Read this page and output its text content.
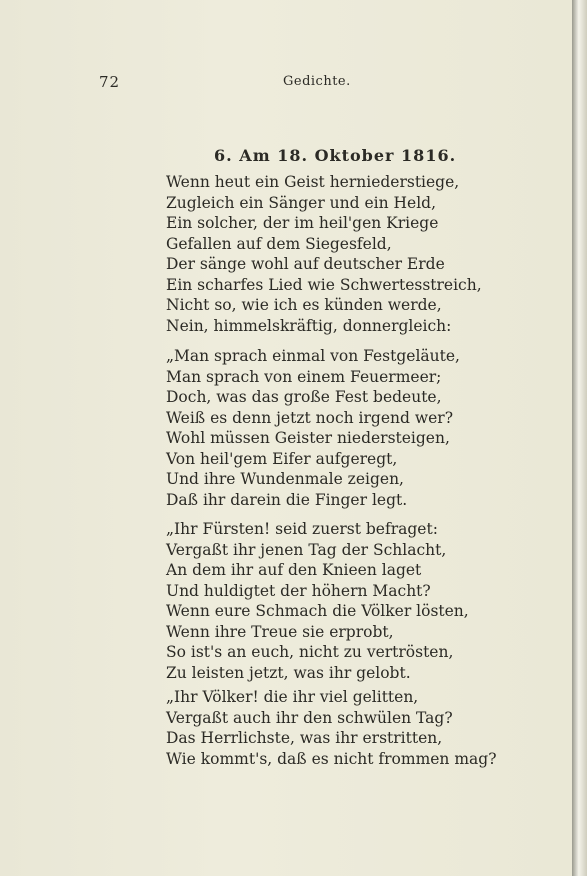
72	Gedichte.
6. Am 18. Oktober 1816.
Wenn heut ein Geist herniederstiege,
Zugleich ein Sänger und ein Held,
Ein solcher, der im heil'gen Kriege
Gefallen auf dem Siegesfeld,
Der sänge wohl auf deutscher Erde
Ein scharfes Lied wie Schwertesstreich,
Nicht so, wie ich es künden werde,
Nein, himmelskräftig, donnergleich:
„Man sprach einmal von Festgeläute,
Man sprach von einem Feuermeer;
Doch, was das große Fest bedeute,
Weiß es denn jetzt noch irgend wer?
Wohl müssen Geister niedersteigen,
Von heil'gem Eifer aufgeregt,
Und ihre Wundenmale zeigen,
Daß ihr darein die Finger legt.
„Ihr Fürsten! seid zuerst befraget:
Vergaßt ihr jenen Tag der Schlacht,
An dem ihr auf den Knieen laget
Und huldigtet der höhern Macht?
Wenn eure Schmach die Völker lösten,
Wenn ihre Treue sie erprobt,
So ist's an euch, nicht zu vertrösten,
Zu leisten jetzt, was ihr gelobt.
„Ihr Völker! die ihr viel gelitten,
Vergaßt auch ihr den schwülen Tag?
Das Herrlichste, was ihr erstritten,
Wie kommt's, daß es nicht frommen mag?
